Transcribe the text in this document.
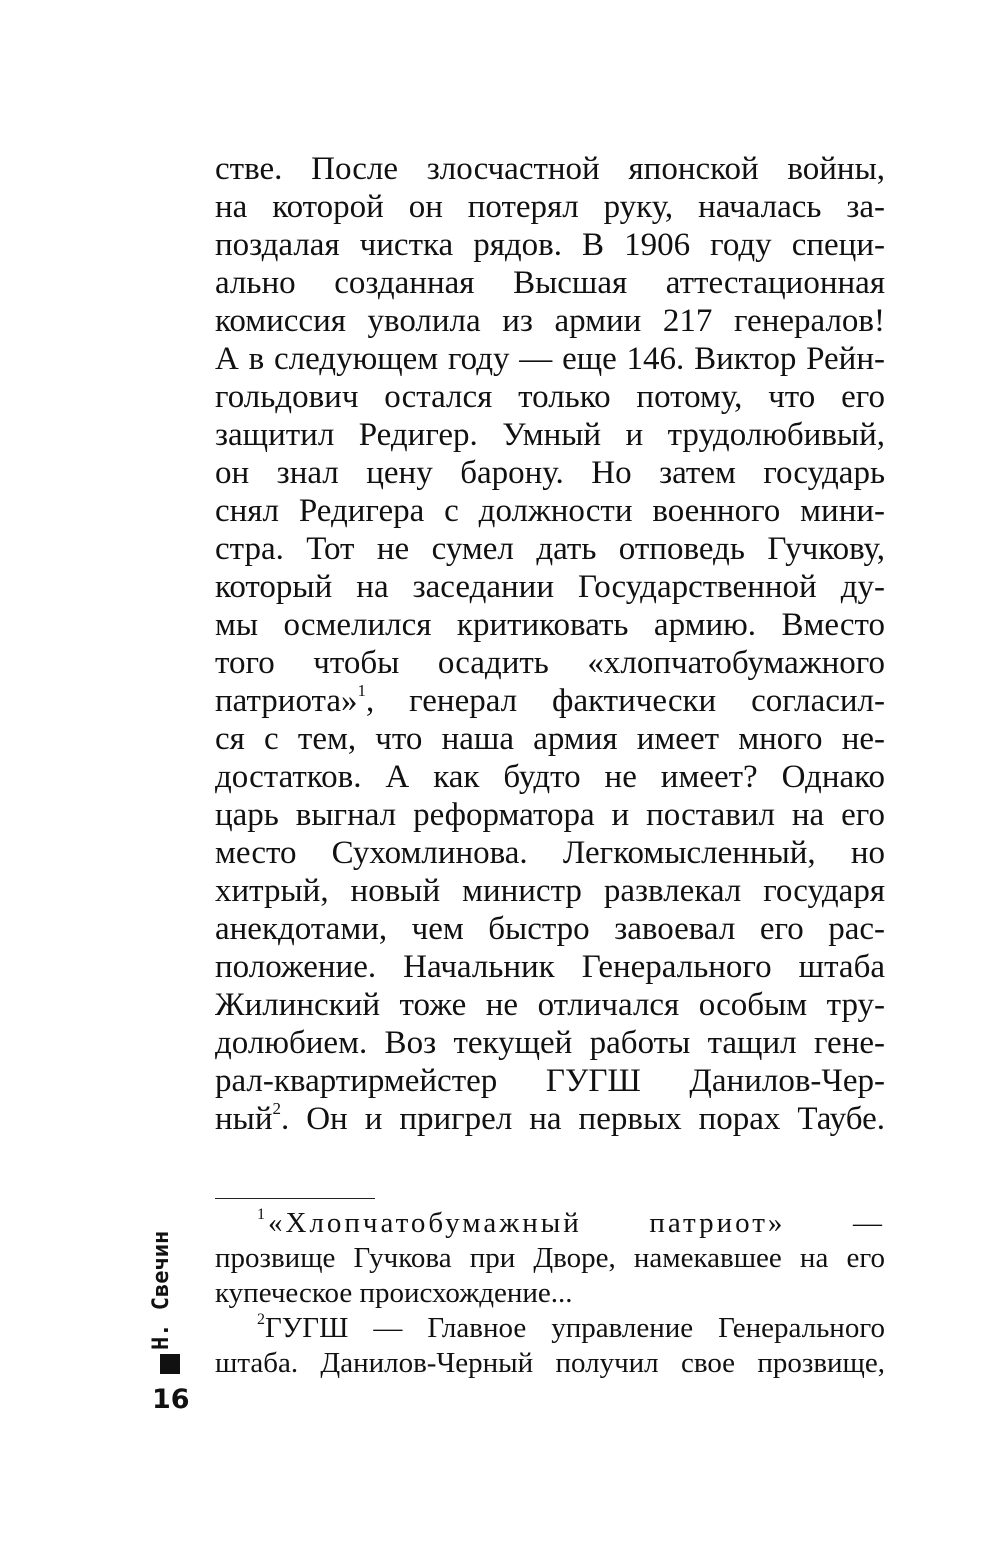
стве. После злосчастной японской войны,
на которой он потерял руку, началась за-
поздалая чистка рядов. В 1906 году специ-
ально созданная Высшая аттестационная
комиссия уволила из армии 217 генералов!
А в следующем году — еще 146. Виктор Рейн-
гольдович остался только потому, что его
защитил Редигер. Умный и трудолюбивый,
он знал цену барону. Но затем государь
снял Редигера с должности военного мини-
стра. Тот не сумел дать отповедь Гучкову,
который на заседании Государственной ду-
мы осмелился критиковать армию. Вместо
того чтобы осадить «хлопчатобумажного
патриота»$^1$, генерал фактически согласил-
ся с тем, что наша армия имеет много не-
достатков. А как будто не имеет? Однако
царь выгнал реформатора и поставил на его
место Сухомлинова. Легкомысленный, но
хитрый, новый министр развлекал государя
анекдотами, чем быстро завоевал его рас-
положение. Начальник Генерального штаба
Жилинский тоже не отличался особым тру-
долюбием. Воз текущей работы тащил гене-
рал-квартирмейстер ГУГШ Данилов-Чер-
ный$^2$. Он и пригрел на первых порах Таубе.
$^1$«Хлопчатобумажный патриот» —
прозвище Гучкова при Дворе, намекавшее на его
купеческое происхождение...
$^2$ГУГШ — Главное управление Генерального
штаба. Данилов-Черный получил свое прозвище,
Н. Свечин
16
